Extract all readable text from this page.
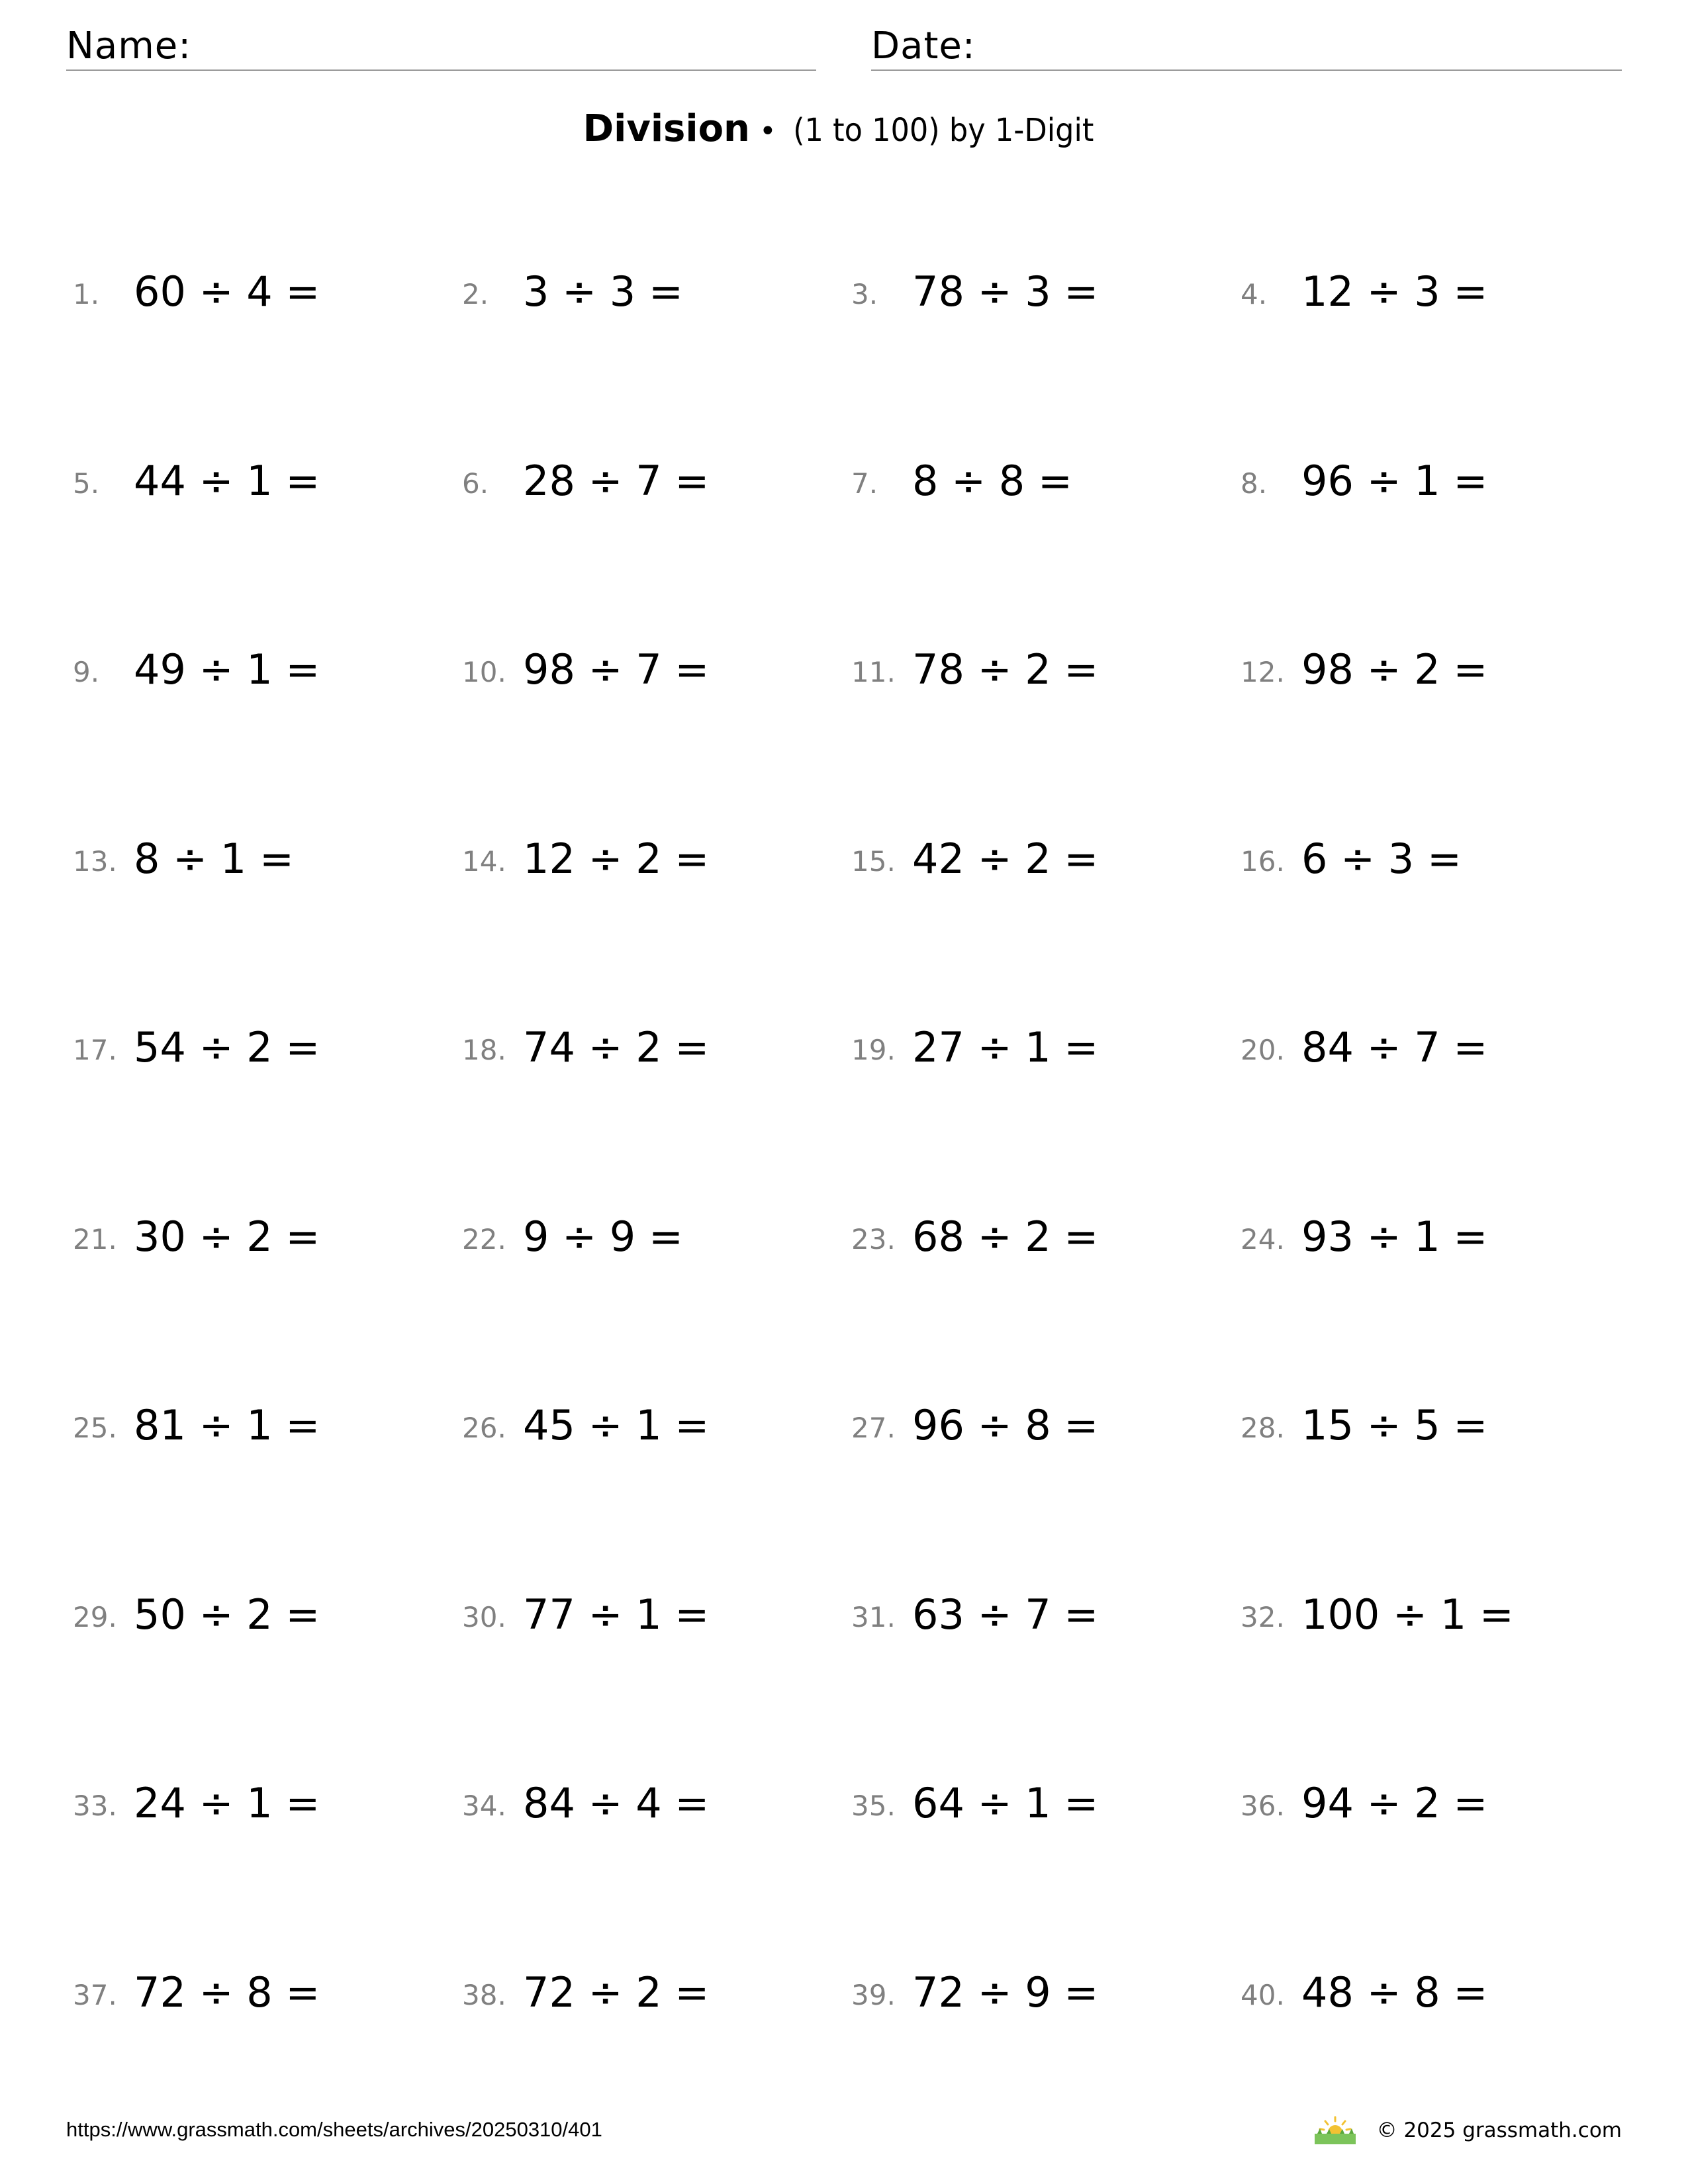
Name:	Date:
Division • (1 to 100) by 1-Digit
1. 60 ÷ 4 =	2. 3 ÷ 3 =	3. 78 ÷ 3 =	4. 12 ÷ 3 =
5. 44 ÷ 1 =	6. 28 ÷ 7 =	7. 8 ÷ 8 =	8. 96 ÷ 1 =
9. 49 ÷ 1 =	10. 98 ÷ 7 =	11. 78 ÷ 2 =	12. 98 ÷ 2 =
13. 8 ÷ 1 =	14. 12 ÷ 2 =	15. 42 ÷ 2 =	16. 6 ÷ 3 =
17. 54 ÷ 2 =	18. 74 ÷ 2 =	19. 27 ÷ 1 =	20. 84 ÷ 7 =
21. 30 ÷ 2 =	22. 9 ÷ 9 =	23. 68 ÷ 2 =	24. 93 ÷ 1 =
25. 81 ÷ 1 =	26. 45 ÷ 1 =	27. 96 ÷ 8 =	28. 15 ÷ 5 =
29. 50 ÷ 2 =	30. 77 ÷ 1 =	31. 63 ÷ 7 =	32. 100 ÷ 1 =
33. 24 ÷ 1 =	34. 84 ÷ 4 =	35. 64 ÷ 1 =	36. 94 ÷ 2 =
37. 72 ÷ 8 =	38. 72 ÷ 2 =	39. 72 ÷ 9 =	40. 48 ÷ 8 =
https://www.grassmath.com/sheets/archives/20250310/401	© 2025 grassmath.com
